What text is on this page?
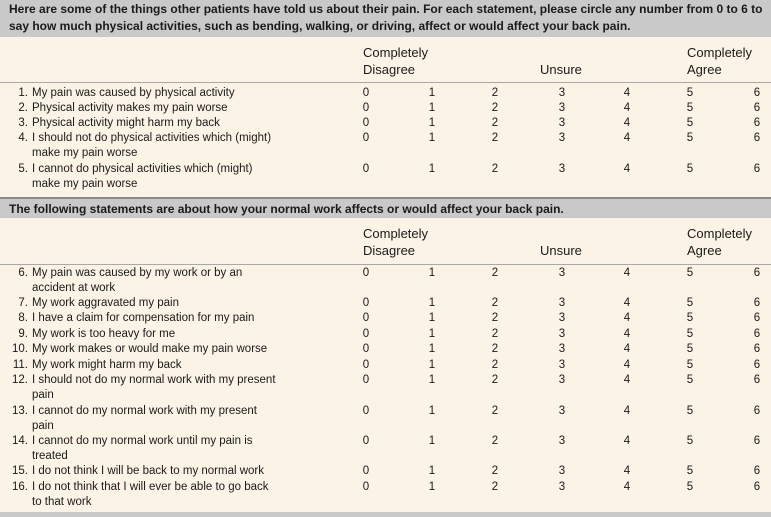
Here are some of the things other patients have told us about their pain. For each statement, please circle any number from 0 to 6 to say how much physical activities, such as bending, walking, or driving, affect or would affect your back pain.
Completely
Disagree	Unsure
Completely
Agree
1. My pain was caused by physical activity	0	1	2	3	4	5	6
2. Physical activity makes my pain worse	0	1	2	3	4	5	6
3. Physical activity might harm my back	0	1	2	3	4	5	6
4. I should not do physical activities which (might)
make my pain worse
0	1	2	3	4	5	6
5. I cannot do physical activities which (might)
make my pain worse
0	1	2	3	4	5	6
The following statements are about how your normal work affects or would affect your back pain.
Completely
Disagree	Unsure
Completely
Agree
6. My pain was caused by my work or by an
accident at work
0	1	2	3	4	5	6
7. My work aggravated my pain	0	1	2	3	4	5	6
8. I have a claim for compensation for my pain	0	1	2	3	4	5	6
9. My work is too heavy for me	0	1	2	3	4	5	6
10. My work makes or would make my pain worse	0	1	2	3	4	5	6
11. My work might harm my back	0	1	2	3	4	5	6
12. I should not do my normal work with my present
pain
0	1	2	3	4	5	6
13. I cannot do my normal work with my present
pain
0	1	2	3	4	5	6
14. I cannot do my normal work until my pain is
treated
0	1	2	3	4	5	6
15. I do not think I will be back to my normal work	0	1	2	3	4	5	6
16. I do not think that I will ever be able to go back
to that work
0	1	2	3	4	5	6
